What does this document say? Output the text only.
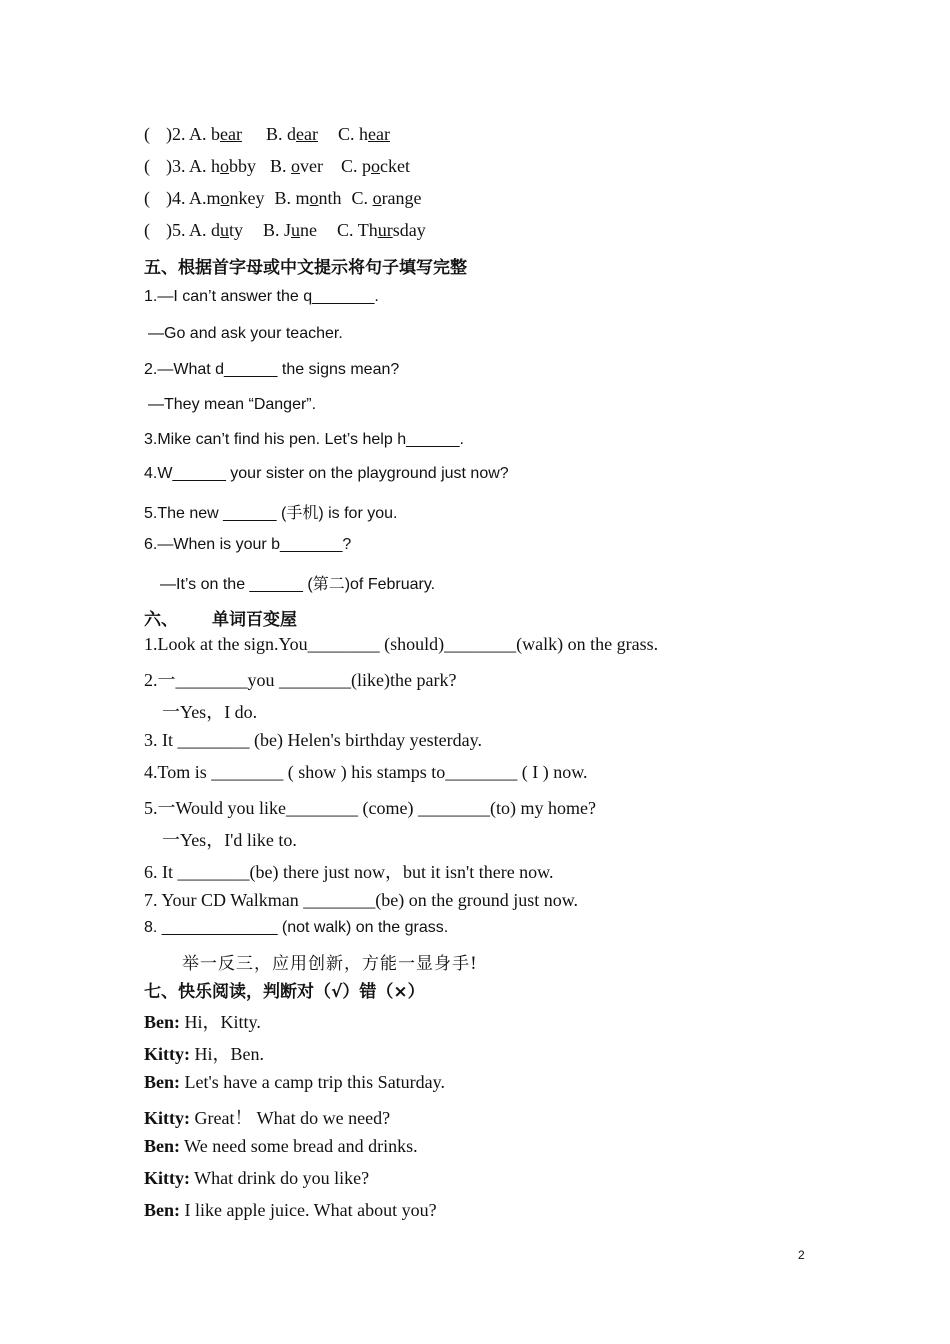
( )2. A. bear B. dear C. hear
( )3. A. hobby B. over C. pocket
( )4. A.monkey B. month C. orange
( )5. A. duty B. June C. Thursday
五、根据首字母或中文提示将句子填写完整
1.—I can’t answer the q_______.
—Go and ask your teacher.
2.—What d______ the signs mean?
—They mean “Danger”.
3.Mike can’t find his pen. Let’s help h______.
4.W______ your sister on the playground just now?
5.The new ______ (手机) is for you.
6.—When is your b_______?
—It’s on the ______ (第二)of February.
六、 单词百变屋
1.Look at the sign.You________ (should)________(walk) on the grass.
2.一________you ________(like)the park?
一Yes，I do.
3. It ________ (be) Helen's birthday yesterday.
4.Tom is ________ ( show ) his stamps to________ ( I ) now.
5.一Would you like________ (come) ________(to) my home?
一Yes，I'd like to.
6. It ________(be) there just now，but it isn't there now.
7. Your CD Walkman ________(be) on the ground just now.
8. _____________ (not walk) on the grass.
举一反三，应用创新，方能一显身手!
七、快乐阅读，判断对（√）错（×）
Ben: Hi，Kitty.
Kitty: Hi，Ben.
Ben: Let's have a camp trip this Saturday.
Kitty: Great！ What do we need?
Ben: We need some bread and drinks.
Kitty: What drink do you like?
Ben: I like apple juice. What about you?
2
